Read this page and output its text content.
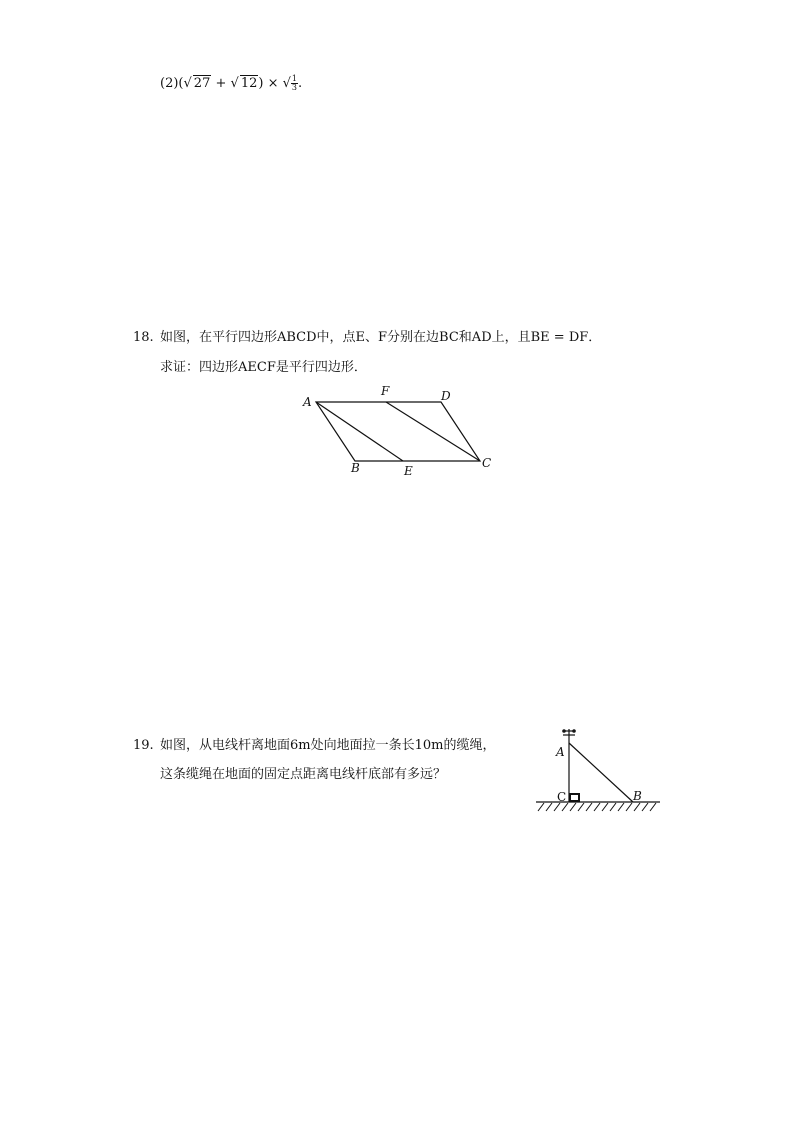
(2)(√ 27 + √ 12) × √ $\frac{1}{3}$ .
18. 如图，在平行四边形ABCD中，点E、F分别在边BC和AD上，且BE = DF．
求证：四边形AECF是平行四边形．
A
F	D
B	E
C
19. 如图，从电线杆离地面6m处向地面拉一条长10m的缆绳，
这条缆绳在地面的固定点距离电线杆底部有多远？
A
C	B
